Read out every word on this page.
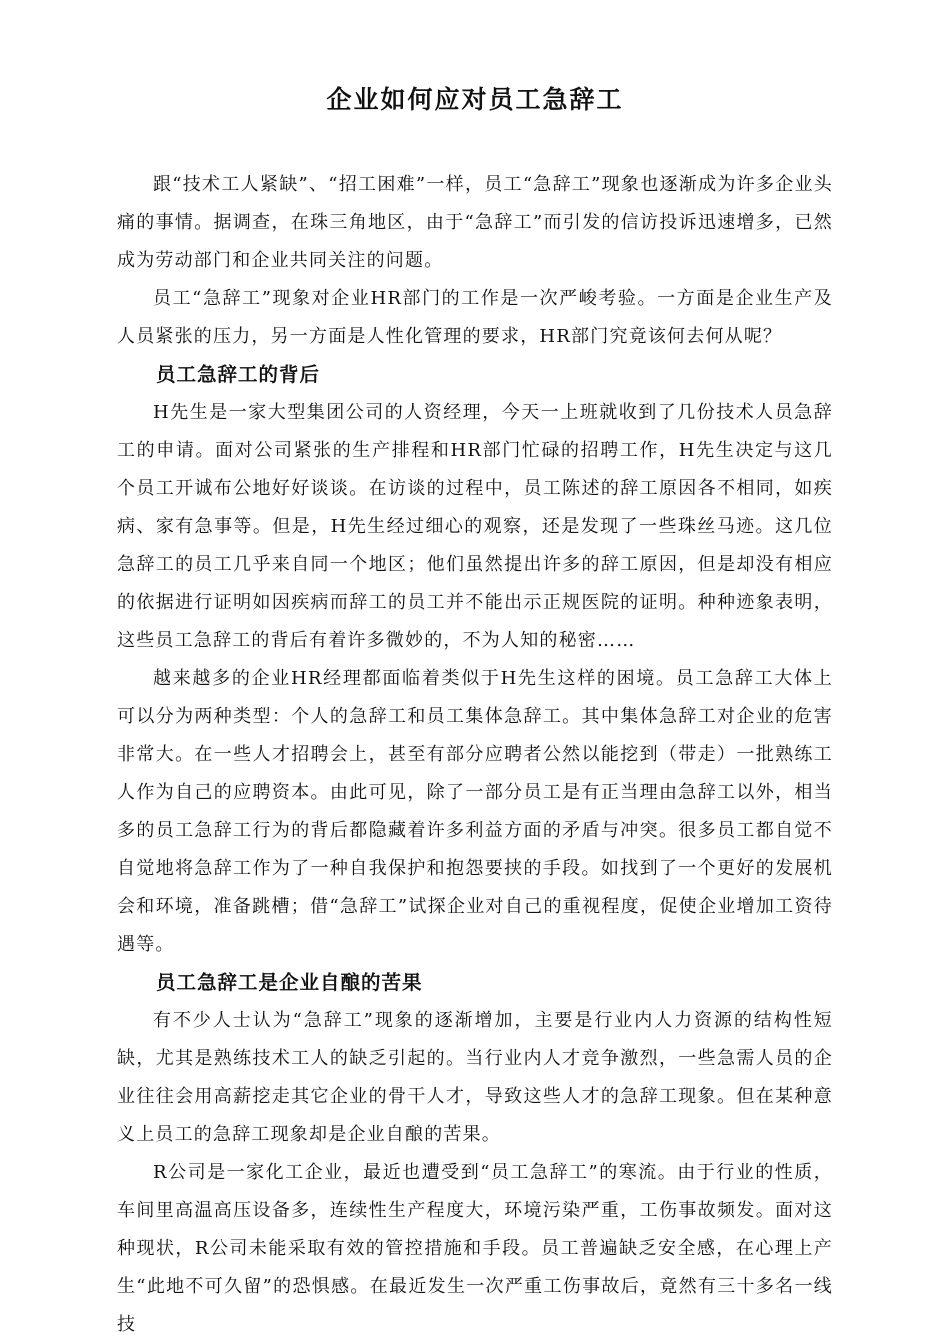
企业如何应对员工急辞工

跟“技术工人紧缺”、“招工困难”一样，员工“急辞工”现象也逐渐成为许多企业头痛的事情。据调查，在珠三角地区，由于“急辞工”而引发的信访投诉迅速增多，已然成为劳动部门和企业共同关注的问题。

员工“急辞工”现象对企业HR部门的工作是一次严峻考验。一方面是企业生产及人员紧张的压力，另一方面是人性化管理的要求，HR部门究竟该何去何从呢？

员工急辞工的背后

H先生是一家大型集团公司的人资经理，今天一上班就收到了几份技术人员急辞工的申请。面对公司紧张的生产排程和HR部门忙碌的招聘工作，H先生决定与这几个员工开诚布公地好好谈谈。在访谈的过程中，员工陈述的辞工原因各不相同，如疾病、家有急事等。但是，H先生经过细心的观察，还是发现了一些珠丝马迹。这几位急辞工的员工几乎来自同一个地区；他们虽然提出许多的辞工原因，但是却没有相应的依据进行证明如因疾病而辞工的员工并不能出示正规医院的证明。种种迹象表明，这些员工急辞工的背后有着许多微妙的，不为人知的秘密……

越来越多的企业HR经理都面临着类似于H先生这样的困境。员工急辞工大体上可以分为两种类型：个人的急辞工和员工集体急辞工。其中集体急辞工对企业的危害非常大。在一些人才招聘会上，甚至有部分应聘者公然以能挖到（带走）一批熟练工人作为自己的应聘资本。由此可见，除了一部分员工是有正当理由急辞工以外，相当多的员工急辞工行为的背后都隐藏着许多利益方面的矛盾与冲突。很多员工都自觉不自觉地将急辞工作为了一种自我保护和抱怨要挟的手段。如找到了一个更好的发展机会和环境，准备跳槽；借“急辞工”试探企业对自己的重视程度，促使企业增加工资待遇等。

员工急辞工是企业自酿的苦果

有不少人士认为“急辞工”现象的逐渐增加，主要是行业内人力资源的结构性短缺，尤其是熟练技术工人的缺乏引起的。当行业内人才竞争激烈，一些急需人员的企业往往会用高薪挖走其它企业的骨干人才，导致这些人才的急辞工现象。但在某种意义上员工的急辞工现象却是企业自酿的苦果。

R公司是一家化工企业，最近也遭受到“员工急辞工”的寒流。由于行业的性质，车间里高温高压设备多，连续性生产程度大，环境污染严重，工伤事故频发。面对这种现状，R公司未能采取有效的管控措施和手段。员工普遍缺乏安全感，在心理上产生“此地不可久留”的恐惧感。在最近发生一次严重工伤事故后，竟然有三十多名一线技
